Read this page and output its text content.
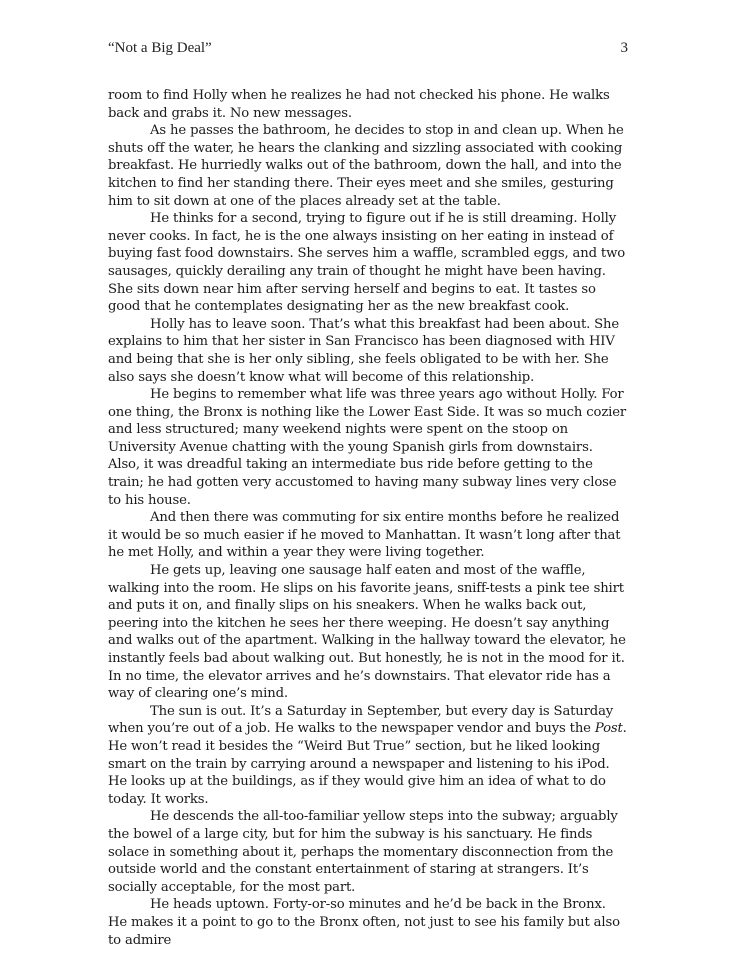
“Not a Big Deal”	3

room to find Holly when he realizes he had not checked his phone. He walks back and grabs it. No new messages.

As he passes the bathroom, he decides to stop in and clean up. When he shuts off the water, he hears the clanking and sizzling associated with cooking breakfast. He hurriedly walks out of the bathroom, down the hall, and into the kitchen to find her standing there. Their eyes meet and she smiles, gesturing him to sit down at one of the places already set at the table.

He thinks for a second, trying to figure out if he is still dreaming. Holly never cooks. In fact, he is the one always insisting on her eating in instead of buying fast food downstairs. She serves him a waffle, scrambled eggs, and two sausages, quickly derailing any train of thought he might have been having. She sits down near him after serving herself and begins to eat. It tastes so good that he contemplates designating her as the new breakfast cook.

Holly has to leave soon. That’s what this breakfast had been about. She explains to him that her sister in San Francisco has been diagnosed with HIV and being that she is her only sibling, she feels obligated to be with her. She also says she doesn’t know what will become of this relationship.

He begins to remember what life was three years ago without Holly. For one thing, the Bronx is nothing like the Lower East Side. It was so much cozier and less structured; many weekend nights were spent on the stoop on University Avenue chatting with the young Spanish girls from downstairs. Also, it was dreadful taking an intermediate bus ride before getting to the train; he had gotten very accustomed to having many subway lines very close to his house.

And then there was commuting for six entire months before he realized it would be so much easier if he moved to Manhattan. It wasn’t long after that he met Holly, and within a year they were living together.

He gets up, leaving one sausage half eaten and most of the waffle, walking into the room. He slips on his favorite jeans, sniff-tests a pink tee shirt and puts it on, and finally slips on his sneakers. When he walks back out, peering into the kitchen he sees her there weeping. He doesn’t say anything and walks out of the apartment. Walking in the hallway toward the elevator, he instantly feels bad about walking out. But honestly, he is not in the mood for it. In no time, the elevator arrives and he’s downstairs. That elevator ride has a way of clearing one’s mind.

The sun is out. It’s a Saturday in September, but every day is Saturday when you’re out of a job. He walks to the newspaper vendor and buys the Post. He won’t read it besides the “Weird But True” section, but he liked looking smart on the train by carrying around a newspaper and listening to his iPod. He looks up at the buildings, as if they would give him an idea of what to do today. It works.

He descends the all-too-familiar yellow steps into the subway; arguably the bowel of a large city, but for him the subway is his sanctuary. He finds solace in something about it, perhaps the momentary disconnection from the outside world and the constant entertainment of staring at strangers. It’s socially acceptable, for the most part.

He heads uptown. Forty-or-so minutes and he’d be back in the Bronx. He makes it a point to go to the Bronx often, not just to see his family but also to admire
